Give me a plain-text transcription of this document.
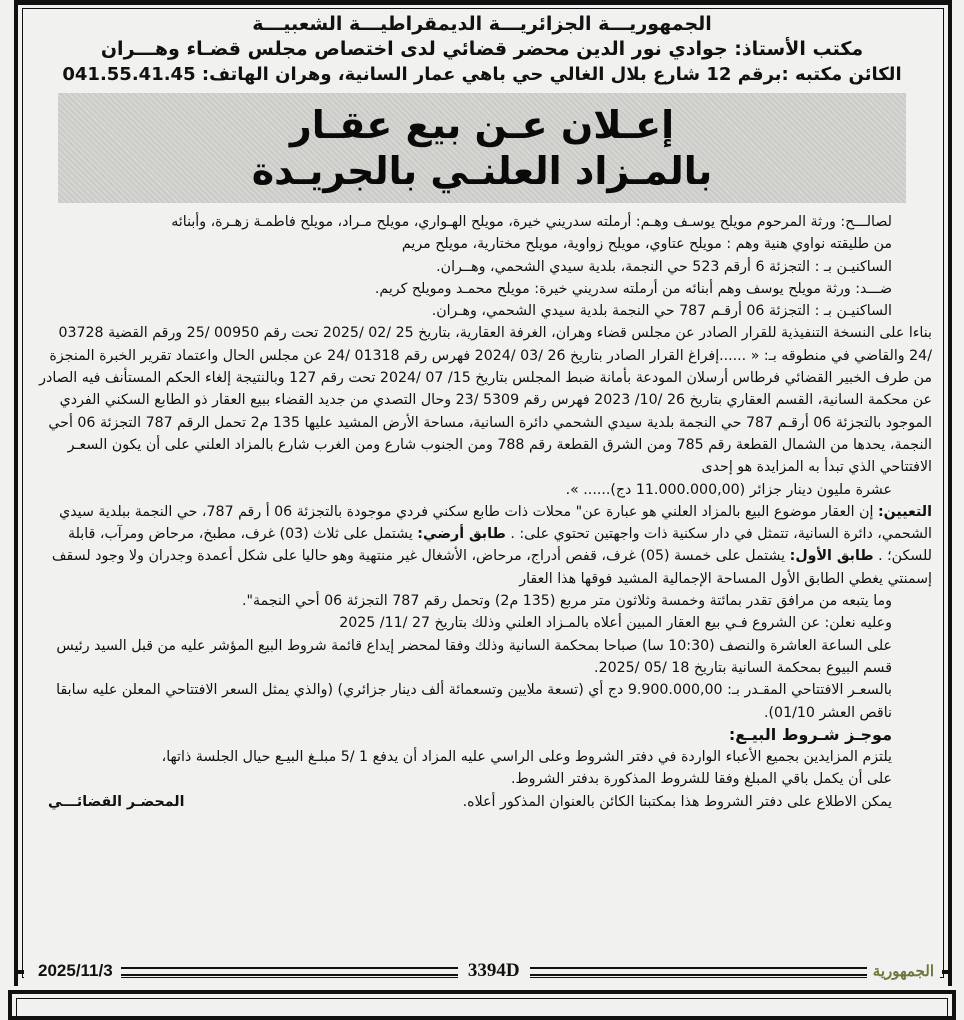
الجمهوريـــة الجزائريـــة الديمقراطيـــة الشعبيـــة
مكتب الأستاذ: جوادي نور الدين محضر قضائي لدى اختصاص مجلس قضـاء وهـــران
الكائن مكتبه :برقم 12 شارع بلال الغالي حي باهي عمار السانية، وهران الهاتف: 041.55.41.45
إعـلان عـن بيع عقـار
بالمـزاد العلنـي بالجريـدة

لصالـــح: ورثة المرحوم مويلح يوسـف وهـم: أرملته سدريني خيرة، مويلح الهـواري، مويلح مـراد، مويلح فاطمـة زهـرة، وأبنائه من طليقته نواوي هنية وهم : مويلح عتاوي، مويلح زواوية، مويلح مختارية، مويلح مريم

الساكنيـن بـ : التجزئة 6 أرقم 523 حي النجمة، بلدية سيدي الشحمي، وهــران.

ضـــد: ورثة مويلح يوسف وهم أبنائه من أرملته سدريني خيرة: مويلح محمـد ومويلح كريم.

الساكنيـن بـ : التجزئة 06 أرقـم 787 حي النجمة بلدية سيدي الشحمي، وهـران.

بناءا على النسخة التنفيذية للقرار الصادر عن مجلس قضاء وهران، الغرفة العقارية، بتاريخ 25 /02 /2025 تحت رقم 00950 /25 ورقم القضية 03728 /24 والقاضي في منطوقه بـ: « ......إفراغ القرار الصادر بتاريخ 26 /03 /2024 فهرس رقم 01318 /24 عن مجلس الحال واعتماد تقرير الخبرة المنجزة من طرف الخبير القضائي فرطاس أرسلان المودعة بأمانة ضبط المجلس بتاريخ 15/ 07 /2024 تحت رقم 127 وبالنتيجة إلغاء الحكم المستأنف فيه الصادر عن محكمة السانية، القسم العقاري بتاريخ 26 /10/ 2023 فهرس رقم 5309 /23 وحال التصدي من جديد القضاء ببيع العقار ذو الطابع السكني الفردي الموجود بالتجزئة 06 أرقـم 787 حي النجمة بلدية سيدي الشحمي دائرة السانية، مساحة الأرض المشيد عليها 135 م2 تحمل الرقم 787 التجزئة 06 أحي النجمة، يحدها من الشمال القطعة رقم 785 ومن الشرق القطعة رقم 788 ومن الجنوب شارع ومن الغرب شارع بالمزاد العلني على أن يكون السعـر الافتتاحي الذي تبدأ به المزايدة هو إحدى

عشرة مليون دينار جزائر (11.000.000,00 دج)...... ».

التعيين: إن العقار موضوع البيع بالمزاد العلني هو عبارة عن" محلات ذات طابع سكني فردي موجودة بالتجزئة 06 أ رقم 787، حي النجمة ببلدية سيدي الشحمي، دائرة السانية، تتمثل في دار سكنية ذات واجهتين تحتوي على: . طابق أرضي: يشتمل على ثلاث (03) غرف، مطبخ، مرحاض ومرآب، قابلة للسكن؛ . طابق الأول: يشتمل على خمسة (05) غرف، قفص أدراج، مرحاض، الأشغال غير منتهية وهو حاليا على شكل أعمدة وجدران ولا وجود لسقف إسمنتي يغطي الطابق الأول المساحة الإجمالية المشيد فوقها هذا العقار

وما يتبعه من مرافق تقدر بمائتة وخمسة وثلاثون متر مربع (135 م2) وتحمل رقم 787 التجزئة 06 أحي النجمة".

وعليه نعلن: عن الشروع فـي بيع العقار المبين أعلاه بالمـزاد العلني وذلك بتاريخ 27 /11/ 2025

على الساعة العاشرة والنصف (10:30 سا) صباحا بمحكمة السانية وذلك وفقا لمحضر إيداع قائمة شروط البيع المؤشر عليه من قبل السيد رئيس قسم البيوع بمحكمة السانية بتاريخ 18 /05 /2025.

بالسعـر الافتتاحي المقـدر بـ: 9.900.000,00 دج أي (تسعة ملايين وتسعمائة ألف دينار جزائري) (والذي يمثل السعر الافتتاحي المعلن عليه سابقا ناقص العشر 01/10).

موجـز شـروط البيـع:

يلتزم المزايدين بجميع الأعباء الواردة في دفتر الشروط وعلى الراسي عليه المزاد أن يدفع 1 /5 مبلـغ البيـع حيال الجلسة ذاتها، على أن يكمل باقي المبلغ وفقا للشروط المذكورة بدفتر الشروط.

يمكن الاطلاع على دفتر الشروط هذا بمكتبنا الكائن بالعنوان المذكور أعلاه.
المحضـر القضائـــي

2025/11/3	3394D	الجمهورية
